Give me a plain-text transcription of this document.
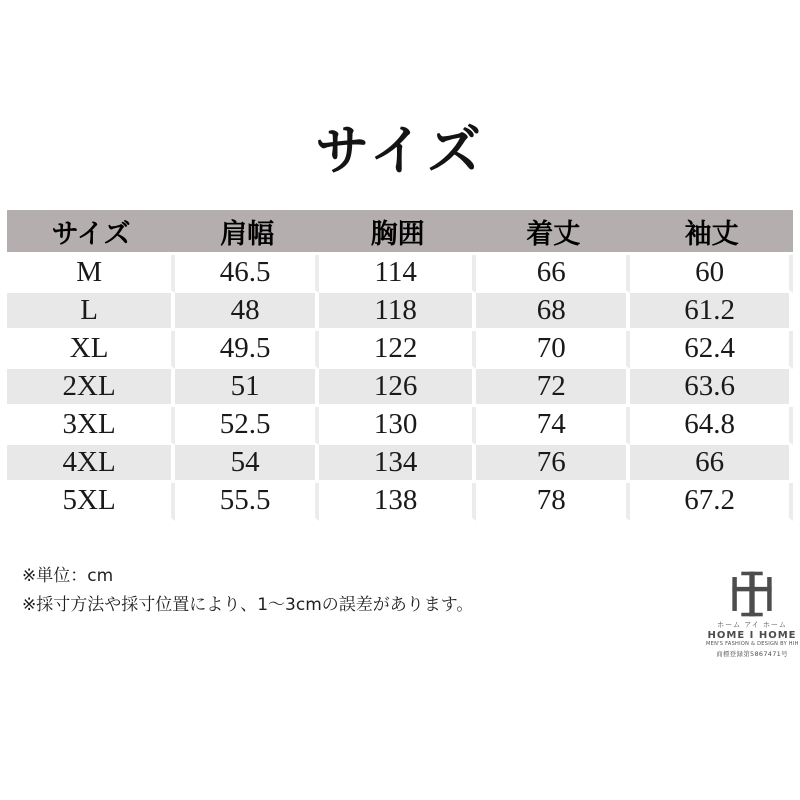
サイズ
サイズ	肩幅	胸囲	着丈	袖丈
M	46.5	114	66	60
L	48	118	68	61.2
XL	49.5	122	70	62.4
2XL	51	126	72	63.6
3XL	52.5	130	74	64.8
4XL	54	134	76	66
5XL	55.5	138	78	67.2
※単位：cm
※採寸方法や採寸位置により、1～3cmの誤差があります。
ホーム アイ ホーム
HOME I HOME
MEN'S FASHION & DESIGN BY HIH
商標登録第5867471号
